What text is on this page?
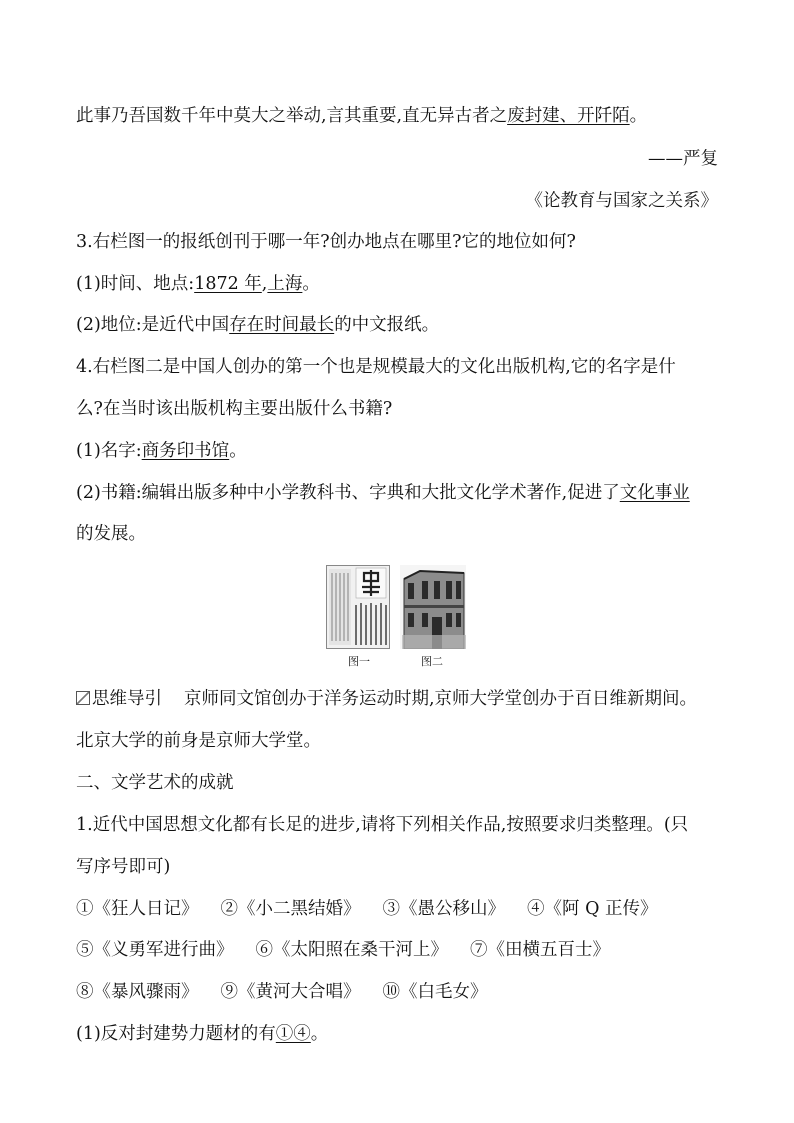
此事乃吾国数千年中莫大之举动,言其重要,直无异古者之废封建、开阡陌。
——严复
《论教育与国家之关系》
3.右栏图一的报纸创刊于哪一年?创办地点在哪里?它的地位如何?
(1)时间、地点:1872 年,上海。
(2)地位:是近代中国存在时间最长的中文报纸。
4.右栏图二是中国人创办的第一个也是规模最大的文化出版机构,它的名字是什
么?在当时该出版机构主要出版什么书籍?
(1)名字:商务印书馆。
(2)书籍:编辑出版多种中小学教科书、字典和大批文化学术著作,促进了文化事业
的发展。
图一	图二
思维导引 京师同文馆创办于洋务运动时期,京师大学堂创办于百日维新期间。
北京大学的前身是京师大学堂。
二、文学艺术的成就
1.近代中国思想文化都有长足的进步,请将下列相关作品,按照要求归类整理。(只
写序号即可)
①《狂人日记》 ②《小二黑结婚》 ③《愚公移山》 ④《阿 Q 正传》
⑤《义勇军进行曲》 ⑥《太阳照在桑干河上》 ⑦《田横五百士》
⑧《暴风骤雨》 ⑨《黄河大合唱》 ⑩《白毛女》
(1)反对封建势力题材的有①④。
